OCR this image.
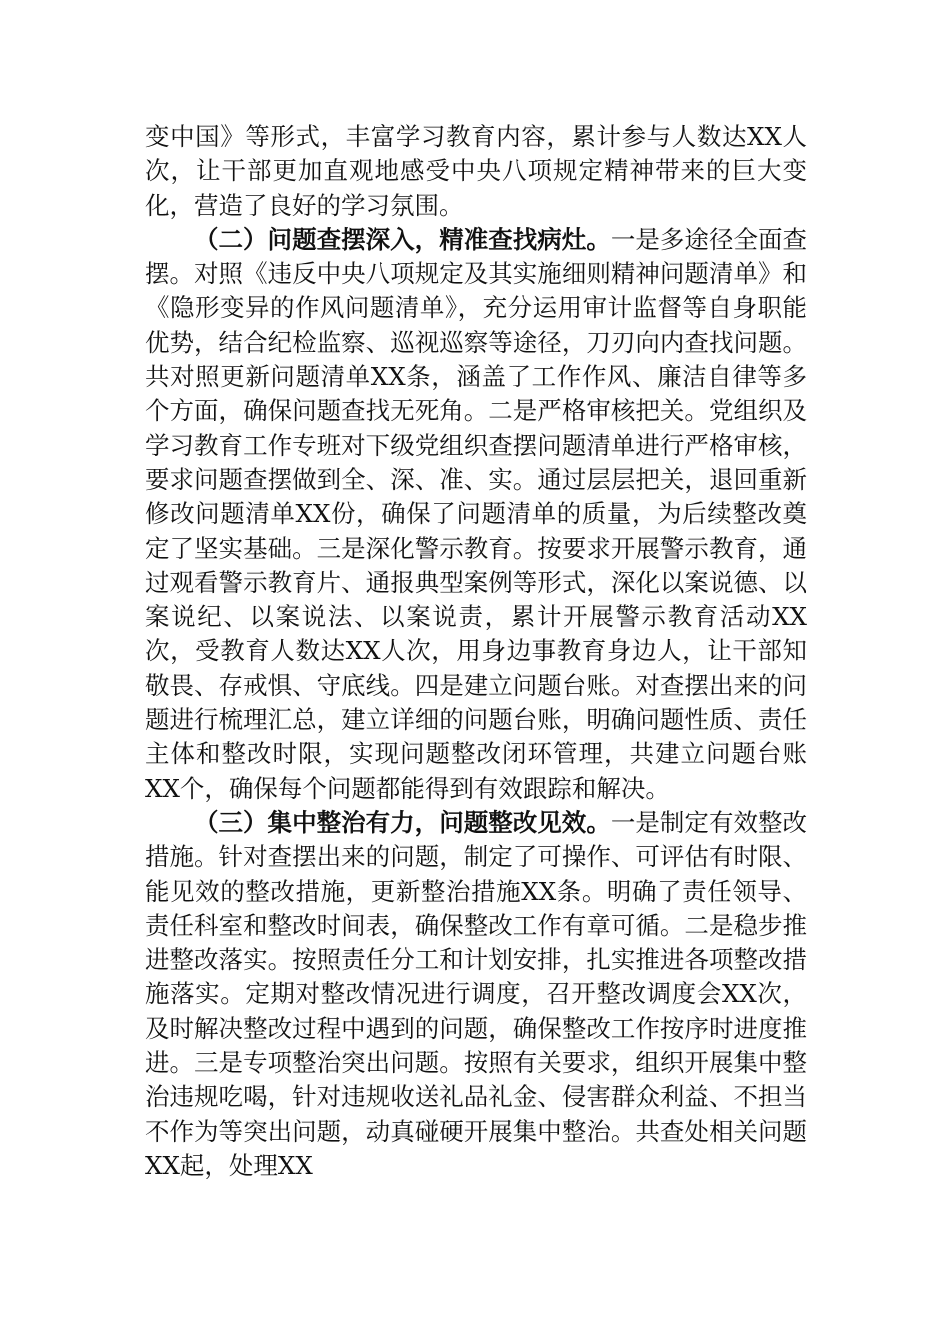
变中国》等形式，丰富学习教育内容，累计参与人数达XX人次，让干部更加直观地感受中央八项规定精神带来的巨大变化，营造了良好的学习氛围。

（二）问题查摆深入，精准查找病灶。一是多途径全面查摆。对照《违反中央八项规定及其实施细则精神问题清单》和《隐形变异的作风问题清单》，充分运用审计监督等自身职能优势，结合纪检监察、巡视巡察等途径，刀刃向内查找问题。共对照更新问题清单XX条，涵盖了工作作风、廉洁自律等多个方面，确保问题查找无死角。二是严格审核把关。党组织及学习教育工作专班对下级党组织查摆问题清单进行严格审核，要求问题查摆做到全、深、准、实。通过层层把关，退回重新修改问题清单XX份，确保了问题清单的质量，为后续整改奠定了坚实基础。三是深化警示教育。按要求开展警示教育，通过观看警示教育片、通报典型案例等形式，深化以案说德、以案说纪、以案说法、以案说责，累计开展警示教育活动XX次，受教育人数达XX人次，用身边事教育身边人，让干部知敬畏、存戒惧、守底线。四是建立问题台账。对查摆出来的问题进行梳理汇总，建立详细的问题台账，明确问题性质、责任主体和整改时限，实现问题整改闭环管理，共建立问题台账XX个，确保每个问题都能得到有效跟踪和解决。

（三）集中整治有力，问题整改见效。一是制定有效整改措施。针对查摆出来的问题，制定了可操作、可评估有时限、能见效的整改措施，更新整治措施XX条。明确了责任领导、责任科室和整改时间表，确保整改工作有章可循。二是稳步推进整改落实。按照责任分工和计划安排，扎实推进各项整改措施落实。定期对整改情况进行调度，召开整改调度会XX次，及时解决整改过程中遇到的问题，确保整改工作按序时进度推进。三是专项整治突出问题。按照有关要求，组织开展集中整治违规吃喝，针对违规收送礼品礼金、侵害群众利益、不担当不作为等突出问题，动真碰硬开展集中整治。共查处相关问题XX起，处理XX
